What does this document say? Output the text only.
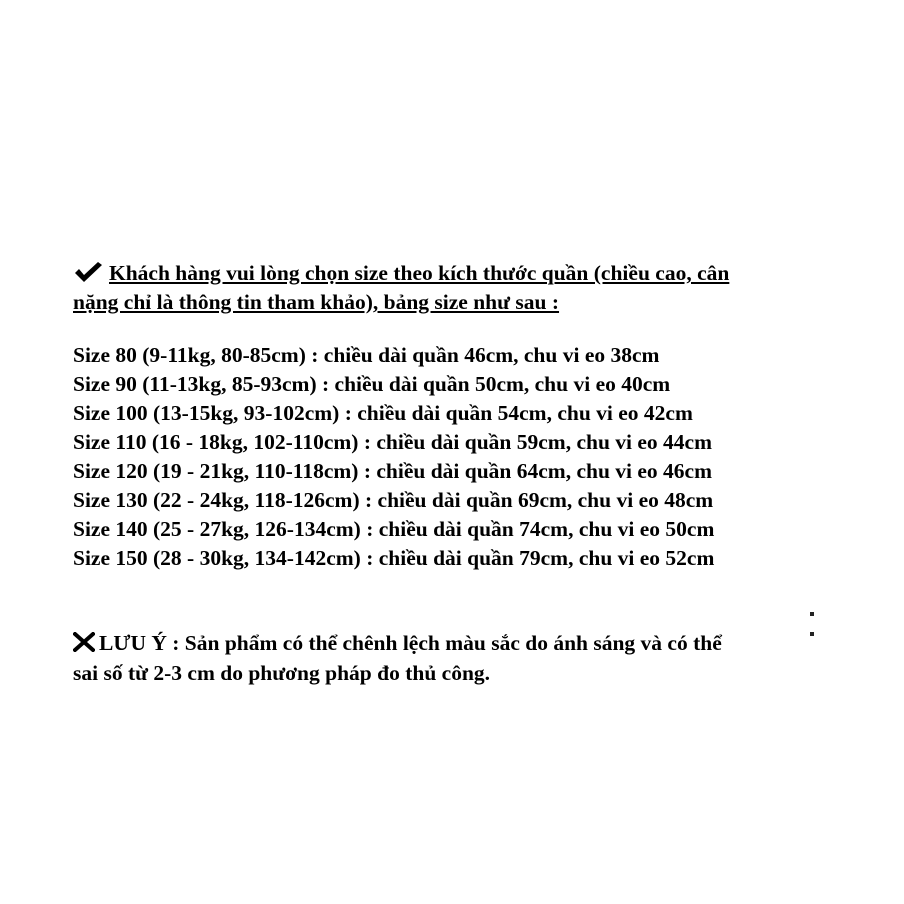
Khách hàng vui lòng chọn size theo kích thước quần (chiều cao, cân
nặng chỉ là thông tin tham khảo), bảng size như sau :
Size 80 (9-11kg, 80-85cm) : chiều dài quần 46cm, chu vi eo 38cm
Size 90 (11-13kg, 85-93cm) : chiều dài quần 50cm, chu vi eo 40cm
Size 100 (13-15kg, 93-102cm) : chiều dài quần 54cm, chu vi eo 42cm
Size 110 (16 - 18kg, 102-110cm) : chiều dài quần 59cm, chu vi eo 44cm
Size 120 (19 - 21kg, 110-118cm) : chiều dài quần 64cm, chu vi eo 46cm
Size 130 (22 - 24kg, 118-126cm) : chiều dài quần 69cm, chu vi eo 48cm
Size 140 (25 - 27kg, 126-134cm) : chiều dài quần 74cm, chu vi eo 50cm
Size 150 (28 - 30kg, 134-142cm) : chiều dài quần 79cm, chu vi eo 52cm
LƯU Ý : Sản phẩm có thể chênh lệch màu sắc do ánh sáng và có thể
sai số từ 2-3 cm do phương pháp đo thủ công.
